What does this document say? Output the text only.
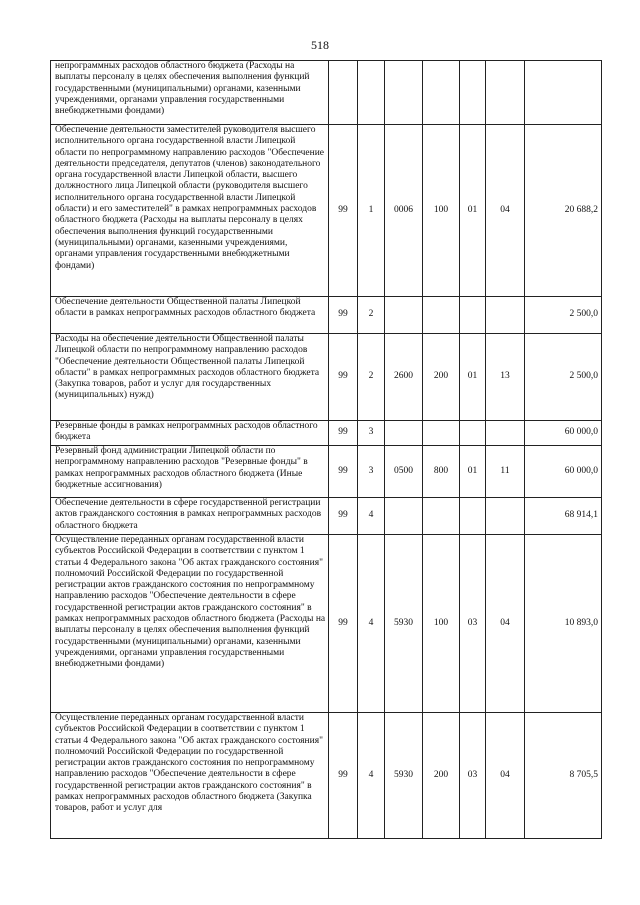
518
непрограммных расходов областного бюджета (Расходы на выплаты персоналу в целях обеспечения выполнения функций государственными (муниципальными) органами, казенными учреждениями, органами управления государственными внебюджетными фондами)							
Обеспечение деятельности заместителей руководителя высшего исполнительного органа государственной власти Липецкой области по непрограммному направлению расходов "Обеспечение деятельности председателя, депутатов (членов) законодательного органа государственной власти Липецкой области, высшего должностного лица Липецкой области (руководителя высшего исполнительного органа государственной власти Липецкой области) и его заместителей" в рамках непрограммных расходов областного бюджета (Расходы на выплаты персоналу в целях обеспечения выполнения функций государственными (муниципальными) органами, казенными учреждениями, органами управления государственными внебюджетными фондами)	99	1	0006	100	01	04	20 688,2
Обеспечение деятельности Общественной палаты Липецкой области в рамках непрограммных расходов областного бюджета	99	2					2 500,0
Расходы на обеспечение деятельности Общественной палаты Липецкой области по непрограммному направлению расходов "Обеспечение деятельности Общественной палаты Липецкой области" в рамках непрограммных расходов областного бюджета (Закупка товаров, работ и услуг для государственных (муниципальных) нужд)	99	2	2600	200	01	13	2 500,0
Резервные фонды в рамках непрограммных расходов областного бюджета	99	3					60 000,0
Резервный фонд администрации Липецкой области по непрограммному направлению расходов "Резервные фонды" в рамках непрограммных расходов областного бюджета (Иные бюджетные ассигнования)	99	3	0500	800	01	11	60 000,0
Обеспечение деятельности в сфере государственной регистрации актов гражданского состояния в рамках непрограммных расходов областного бюджета	99	4					68 914,1
Осуществление переданных органам государственной власти субъектов Российской Федерации в соответствии с пунктом 1 статьи 4 Федерального закона "Об актах гражданского состояния" полномочий Российской Федерации по государственной регистрации актов гражданского состояния по непрограммному направлению расходов "Обеспечение деятельности в сфере государственной регистрации актов гражданского состояния" в рамках непрограммных расходов областного бюджета (Расходы на выплаты персоналу в целях обеспечения выполнения функций государственными (муниципальными) органами, казенными учреждениями, органами управления государственными внебюджетными фондами)	99	4	5930	100	03	04	10 893,0
Осуществление переданных органам государственной власти субъектов Российской Федерации в соответствии с пунктом 1 статьи 4 Федерального закона "Об актах гражданского состояния" полномочий Российской Федерации по государственной регистрации актов гражданского состояния по непрограммному направлению расходов "Обеспечение деятельности в сфере государственной регистрации актов гражданского состояния" в рамках непрограммных расходов областного бюджета (Закупка товаров, работ и услуг для	99	4	5930	200	03	04	8 705,5
